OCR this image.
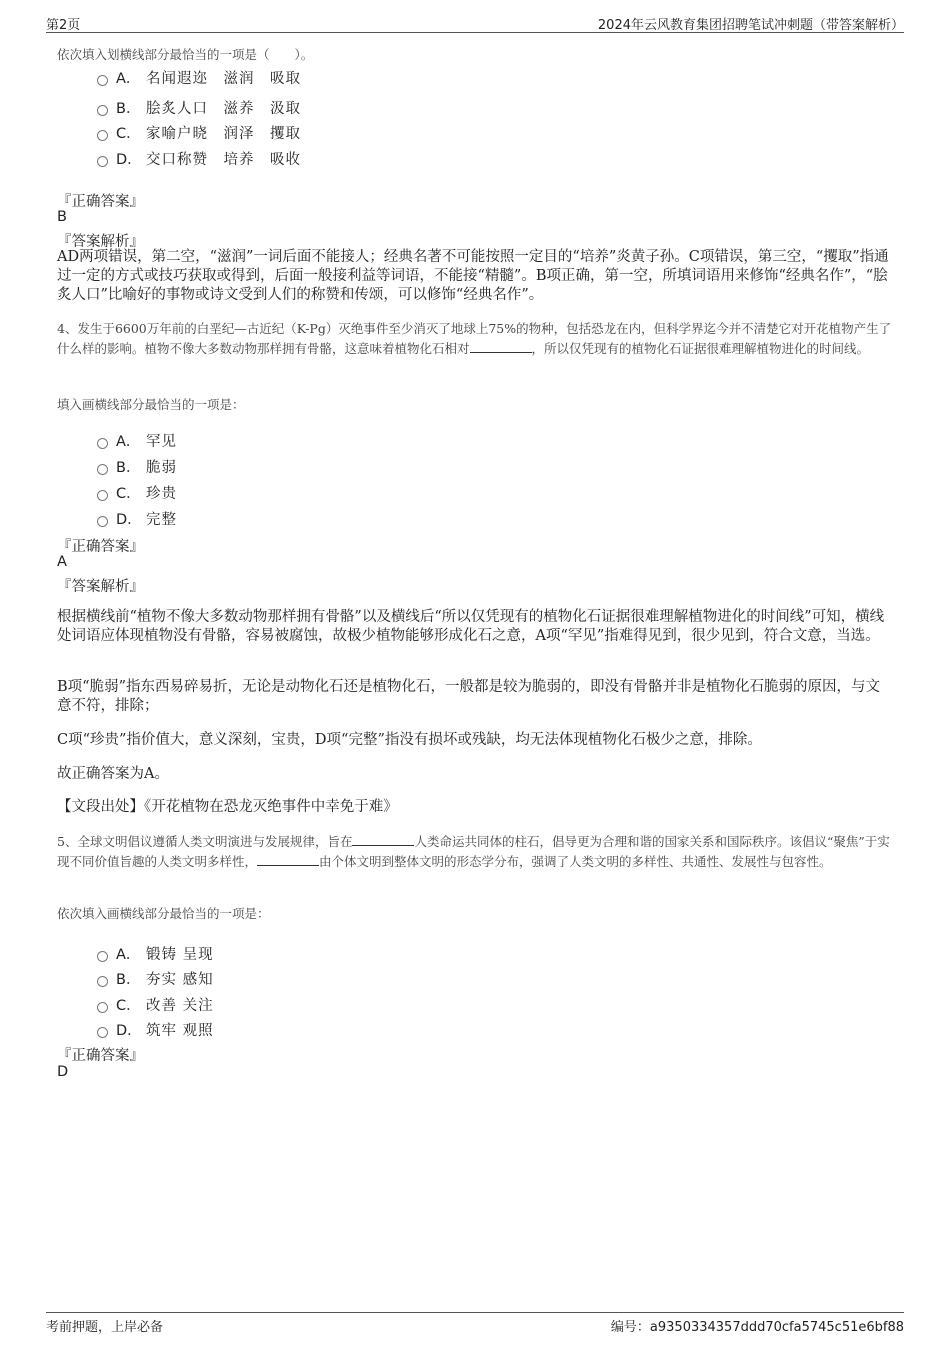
第2页	2024年云风教育集团招聘笔试冲刺题（带答案解析）
依次填入划横线部分最恰当的一项是（　　）。
A． 名闻遐迩　滋润　吸取
B． 脍炙人口　滋养　汲取
C． 家喻户晓　润泽　攫取
D． 交口称赞　培养　吸收
『正确答案』
B
『答案解析』
AD两项错误，第二空，“滋润”一词后面不能接人；经典名著不可能按照一定目的“培养”炎黄子孙。C项错误，第三空，“攫取”指通过一定的方式或技巧获取或得到，后面一般接利益等词语，不能接“精髓”。B项正确，第一空，所填词语用来修饰“经典名作”，“脍炙人口”比喻好的事物或诗文受到人们的称赞和传颂，可以修饰“经典名作”。
4、发生于6600万年前的白垩纪—古近纪（K-Pg）灭绝事件至少消灭了地球上75%的物种，包括恐龙在内，但科学界迄今并不清楚它对开花植物产生了什么样的影响。植物不像大多数动物那样拥有骨骼，这意味着植物化石相对	，所以仅凭现有的植物化石证据很难理解植物进化的时间线。
填入画横线部分最恰当的一项是：
A． 罕见
B． 脆弱
C． 珍贵
D． 完整
『正确答案』
A
『答案解析』
根据横线前“植物不像大多数动物那样拥有骨骼”以及横线后“所以仅凭现有的植物化石证据很难理解植物进化的时间线”可知，横线处词语应体现植物没有骨骼，容易被腐蚀，故极少植物能够形成化石之意，A项“罕见”指难得见到，很少见到，符合文意，当选。
B项“脆弱”指东西易碎易折，无论是动物化石还是植物化石，一般都是较为脆弱的，即没有骨骼并非是植物化石脆弱的原因，与文意不符，排除；
C项“珍贵”指价值大，意义深刻，宝贵，D项“完整”指没有损坏或残缺，均无法体现植物化石极少之意，排除。
故正确答案为A。
【文段出处】《开花植物在恐龙灭绝事件中幸免于难》
5、全球文明倡议遵循人类文明演进与发展规律，旨在	人类命运共同体的柱石，倡导更为合理和谐的国家关系和国际秩序。该倡议“聚焦”于实现不同价值旨趣的人类文明多样性，	由个体文明到整体文明的形态学分布，强调了人类文明的多样性、共通性、发展性与包容性。
依次填入画横线部分最恰当的一项是：
A． 锻铸 呈现
B． 夯实 感知
C． 改善 关注
D． 筑牢 观照
『正确答案』
D
考前押题，上岸必备	编号：a9350334357ddd70cfa5745c51e6bf88
